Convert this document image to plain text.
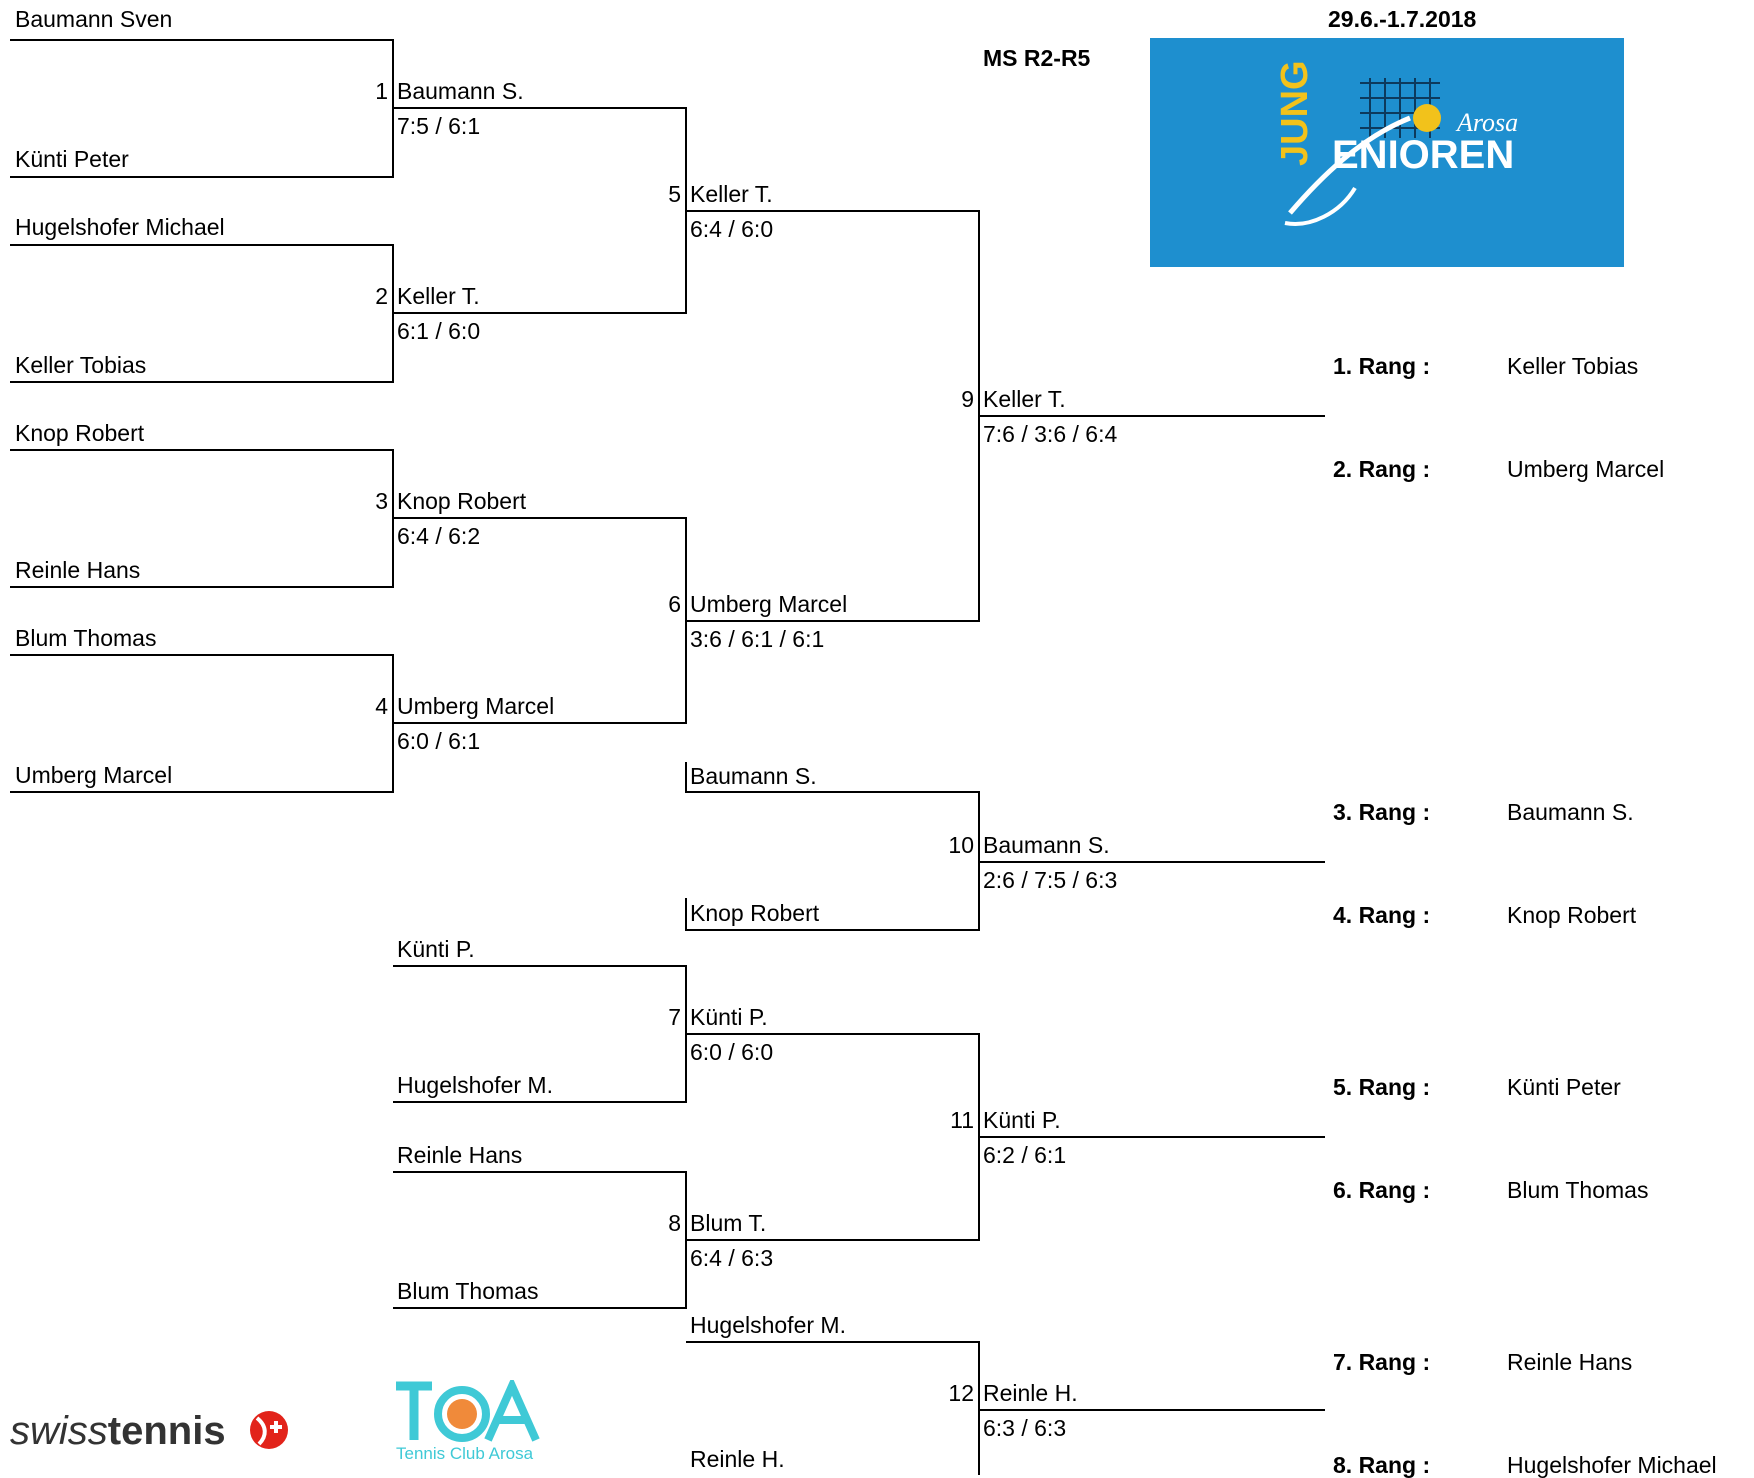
29.6.-1.7.2018
MS R2-R5
JUNG ENIOREN
Arosa
Baumann Sven
Künti Peter
Hugelshofer Michael
Keller Tobias
Knop Robert
Reinle Hans
Blum Thomas
Umberg Marcel
1 Baumann S.
7:5 / 6:1
2 Keller T.
6:1 / 6:0
3 Knop Robert
6:4 / 6:2
4 Umberg Marcel
6:0 / 6:1
5 Keller T.
6:4 / 6:0
6 Umberg Marcel
3:6 / 6:1 / 6:1
9 Keller T.
7:6 / 3:6 / 6:4
Baumann S.
Knop Robert
10 Baumann S.
2:6 / 7:5 / 6:3
Künti P.
Hugelshofer M.
7 Künti P.
6:0 / 6:0
Reinle Hans
Blum Thomas
8 Blum T.
6:4 / 6:3
11 Künti P.
6:2 / 6:1
Hugelshofer M.
Reinle H.
12 Reinle H.
6:3 / 6:3
1. Rang :	Keller Tobias
2. Rang :	Umberg Marcel
3. Rang :	Baumann S.
4. Rang :	Knop Robert
5. Rang :	Künti Peter
6. Rang :	Blum Thomas
7. Rang :	Reinle Hans
8. Rang :	Hugelshofer Michael
swisstennis
Tennis Club Arosa
